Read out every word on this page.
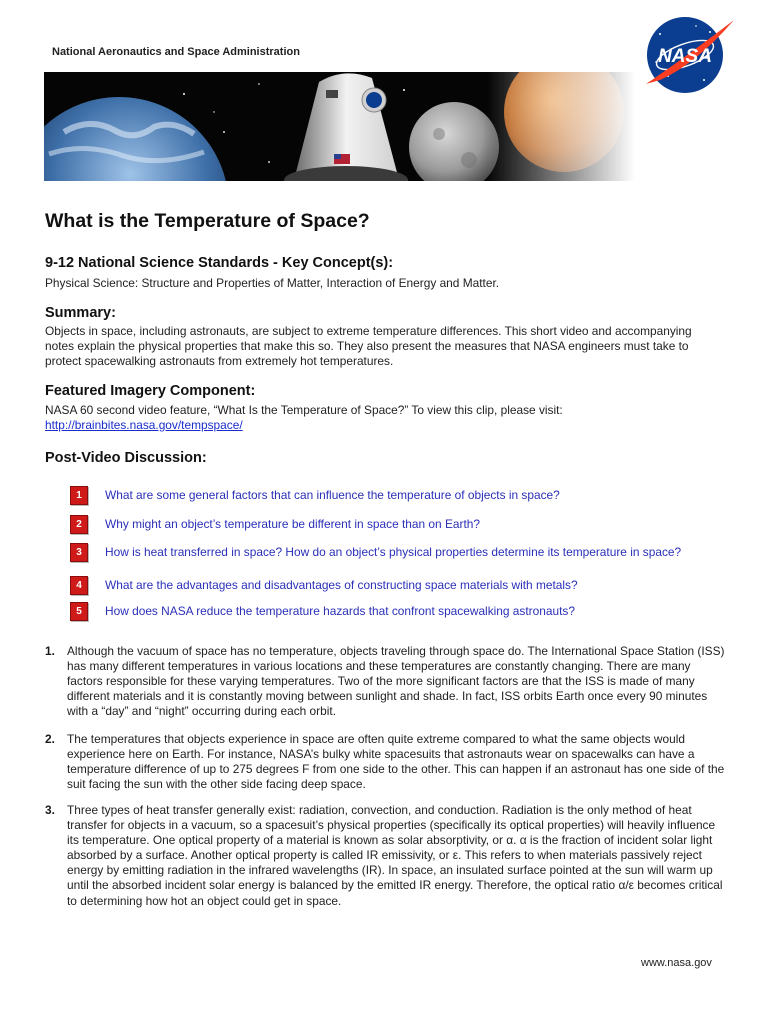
National Aeronautics and Space Administration	NASA
What is the Temperature of Space?
9-12 National Science Standards - Key Concept(s):

Physical Science: Structure and Properties of Matter, Interaction of Energy and Matter.

Summary:

Objects in space, including astronauts, are subject to extreme temperature differences. This short video and accompanying notes explain the physical properties that make this so. They also present the measures that NASA engineers must take to protect spacewalking astronauts from extremely hot temperatures.

Featured Imagery Component:

NASA 60 second video feature, “What Is the Temperature of Space?” To view this clip, please visit:
http://brainbites.nasa.gov/tempspace/

Post-Video Discussion:
1	What are some general factors that can influence the temperature of objects in space?
2	Why might an object’s temperature be different in space than on Earth?
3	How is heat transferred in space? How do an object’s physical properties determine its temperature in space?
4	What are the advantages and disadvantages of constructing space materials with metals?
5	How does NASA reduce the temperature hazards that confront spacewalking astronauts?
1. Although the vacuum of space has no temperature, objects traveling through space do. The International Space Station (ISS) has many different temperatures in various locations and these temperatures are constantly changing. There are many factors responsible for these varying temperatures. Two of the more significant factors are that the ISS is made of many different materials and it is constantly moving between sunlight and shade. In fact, ISS orbits Earth once every 90 minutes with a “day” and “night” occurring during each orbit.

2. The temperatures that objects experience in space are often quite extreme compared to what the same objects would experience here on Earth. For instance, NASA’s bulky white spacesuits that astronauts wear on spacewalks can have a temperature difference of up to 275 degrees F from one side to the other. This can happen if an astronaut has one side of the suit facing the sun with the other side facing deep space.

3. Three types of heat transfer generally exist: radiation, convection, and conduction. Radiation is the only method of heat transfer for objects in a vacuum, so a spacesuit’s physical properties (specifically its optical properties) will heavily influence its temperature. One optical property of a material is known as solar absorptivity, or α. α is the fraction of incident solar light absorbed by a surface. Another optical property is called IR emissivity, or ε. This refers to when materials passively reject energy by emitting radiation in the infrared wavelengths (IR). In space, an insulated surface pointed at the sun will warm up until the absorbed incident solar energy is balanced by the emitted IR energy. Therefore, the optical ratio α/ε becomes critical to determining how hot an object could get in space.

www.nasa.gov
